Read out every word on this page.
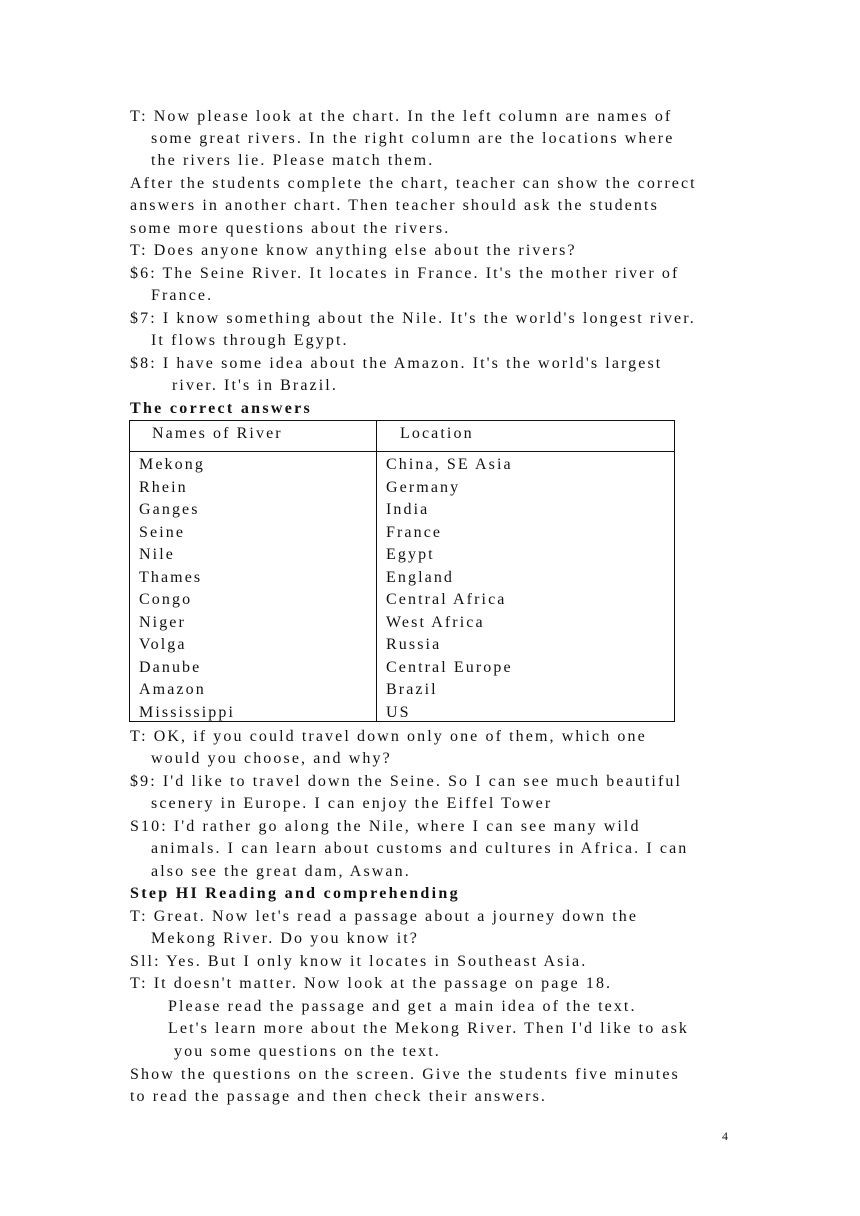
T: Now please look at the chart. In the left column are names of
some great rivers. In the right column are the locations where
the rivers lie. Please match them.
After the students complete the chart, teacher can show the correct
answers in another chart. Then teacher should ask the students
some more questions about the rivers.
T: Does anyone know anything else about the rivers?
$6: The Seine River. It locates in France. It's the mother river of
France.
$7: I know something about the Nile. It's the world's longest river.
It flows through Egypt.
$8: I have some idea about the Amazon. It's the world's largest
river. It's in Brazil.
The correct answers
Names of River	Location
Mekong	China, SE Asia
Rhein	Germany
Ganges	India
Seine	France
Nile	Egypt
Thames	England
Congo	Central Africa
Niger	West Africa
Volga	Russia
Danube	Central Europe
Amazon	Brazil
Mississippi	US
T: OK, if you could travel down only one of them, which one
would you choose, and why?
$9: I'd like to travel down the Seine. So I can see much beautiful
scenery in Europe. I can enjoy the Eiffel Tower
S10: I'd rather go along the Nile, where I can see many wild
animals. I can learn about customs and cultures in Africa. I can
also see the great dam, Aswan.
Step HI Reading and comprehending
T: Great. Now let's read a passage about a journey down the
Mekong River. Do you know it?
Sll: Yes. But I only know it locates in Southeast Asia.
T: It doesn't matter. Now look at the passage on page 18.
Please read the passage and get a main idea of the text.
Let's learn more about the Mekong River. Then I'd like to ask
you some questions on the text.
Show the questions on the screen. Give the students five minutes
to read the passage and then check their answers.
4
